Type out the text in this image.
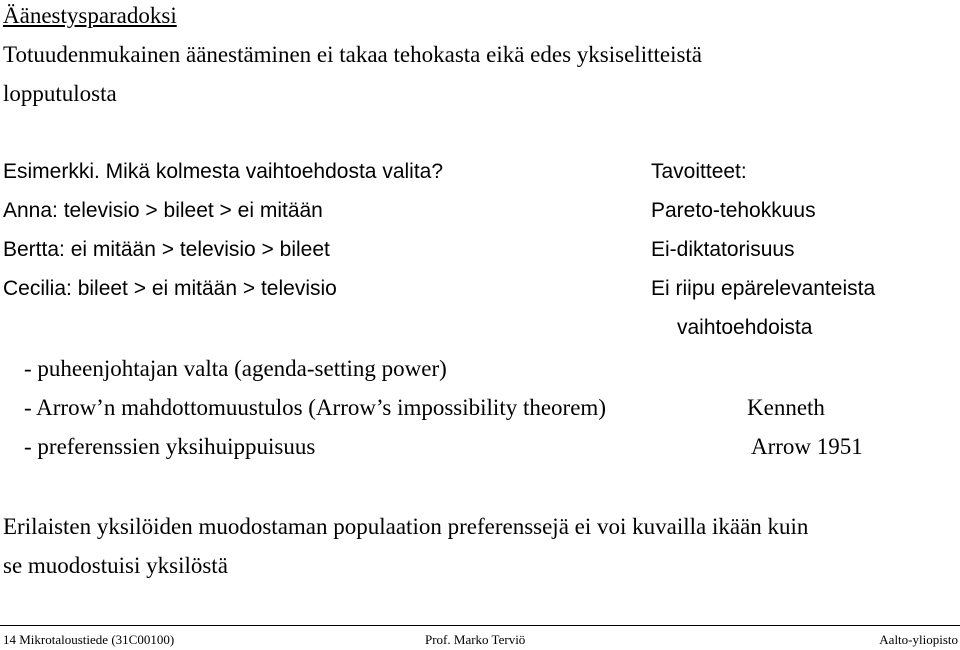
Äänestysparadoksi
Totuudenmukainen äänestäminen ei takaa tehokasta eikä edes yksiselitteistä
lopputulosta
Esimerkki. Mikä kolmesta vaihtoehdosta valita?
Anna: televisio > bileet > ei mitään
Bertta: ei mitään > televisio > bileet
Cecilia: bileet > ei mitään > televisio
Tavoitteet:
Pareto-tehokkuus
Ei-diktatorisuus
Ei riipu epärelevanteista
vaihtoehdoista
- puheenjohtajan valta (agenda-setting power)
- Arrow’n mahdottomuustulos (Arrow’s impossibility theorem)
- preferenssien yksihuippuisuus
Kenneth
Arrow 1951
Erilaisten yksilöiden muodostaman populaation preferenssejä ei voi kuvailla ikään kuin
se muodostuisi yksilöstä
14 Mikrotaloustiede (31C00100)	Prof. Marko Terviö	Aalto-yliopisto
